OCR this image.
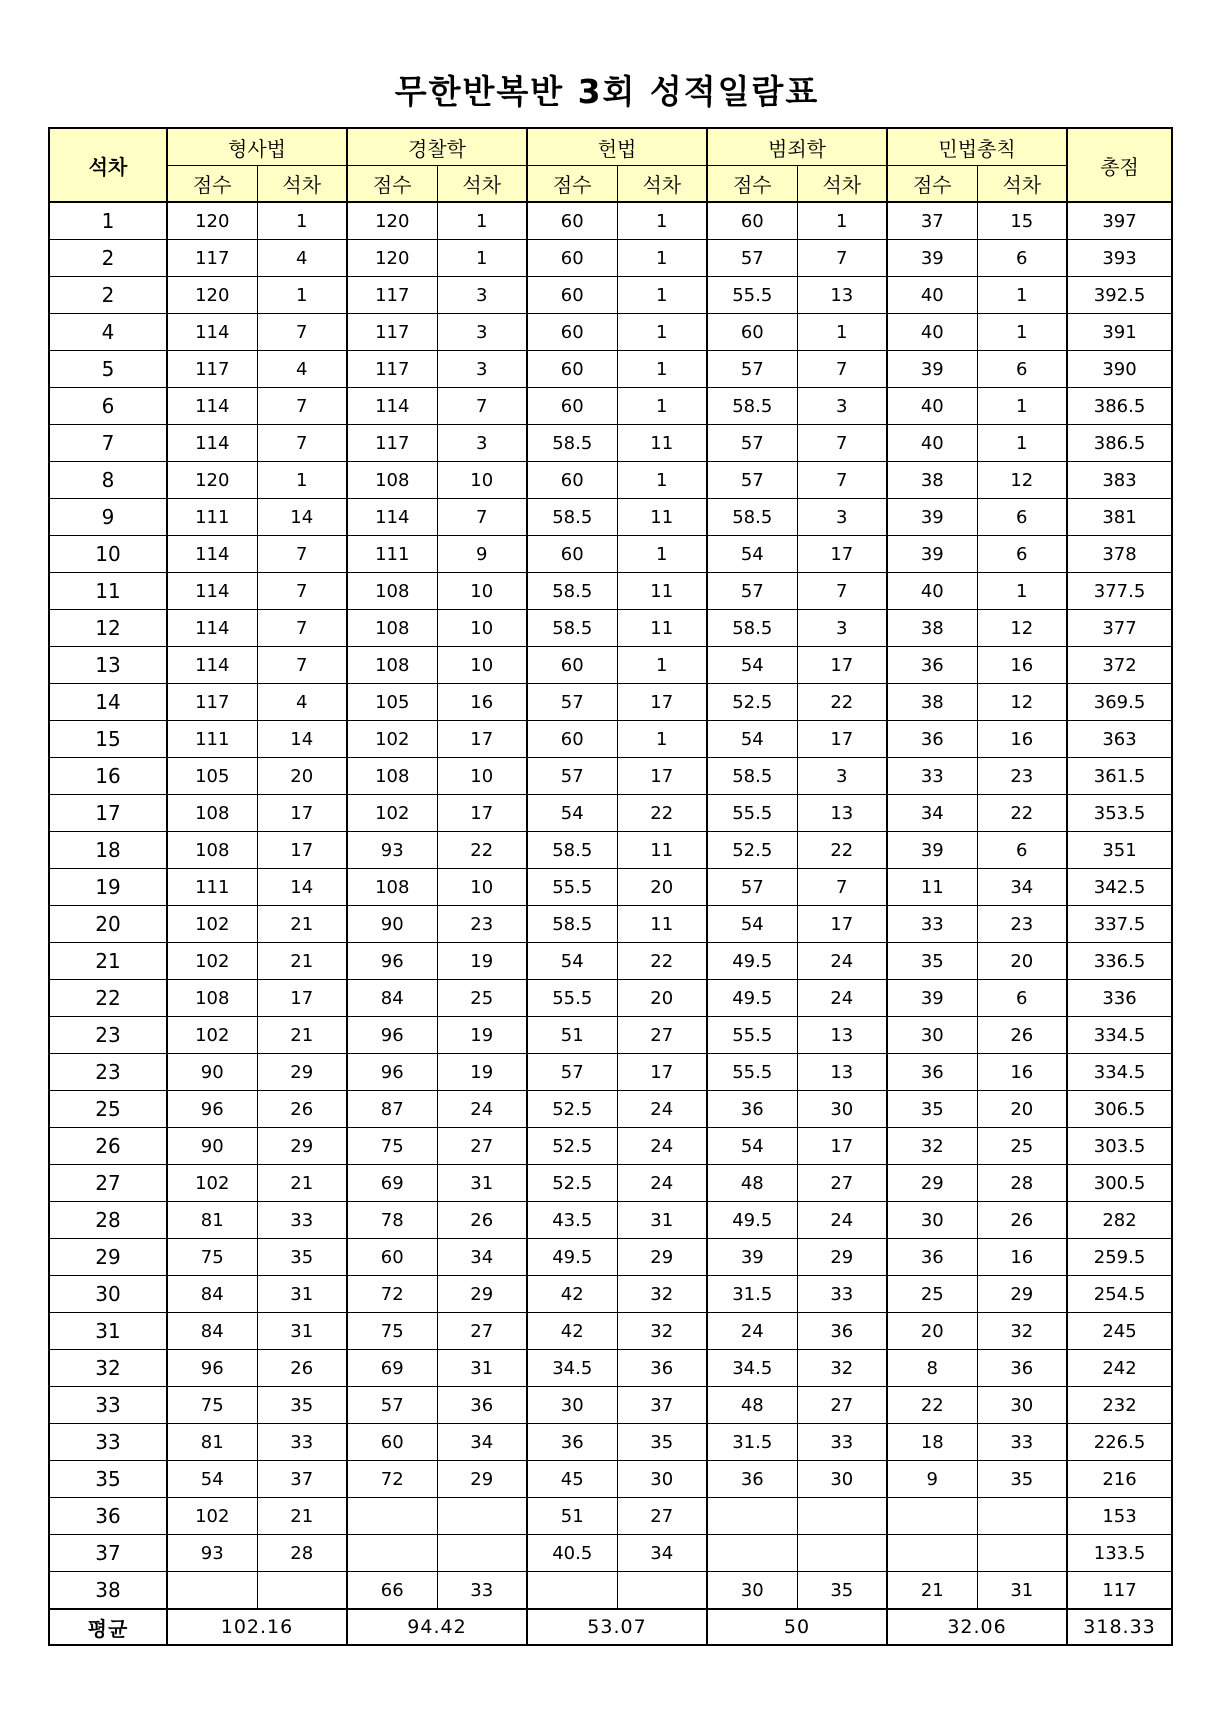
무한반복반 3회 성적일람표
석차	형사법		경찰학		헌법		범죄학		민법총칙		총점
	점수	석차	점수	석차	점수	석차	점수	석차	점수	석차	
1	120	1	120	1	60	1	60	1	37	15	397
2	117	4	120	1	60	1	57	7	39	6	393
2	120	1	117	3	60	1	55.5	13	40	1	392.5
4	114	7	117	3	60	1	60	1	40	1	391
5	117	4	117	3	60	1	57	7	39	6	390
6	114	7	114	7	60	1	58.5	3	40	1	386.5
7	114	7	117	3	58.5	11	57	7	40	1	386.5
8	120	1	108	10	60	1	57	7	38	12	383
9	111	14	114	7	58.5	11	58.5	3	39	6	381
10	114	7	111	9	60	1	54	17	39	6	378
11	114	7	108	10	58.5	11	57	7	40	1	377.5
12	114	7	108	10	58.5	11	58.5	3	38	12	377
13	114	7	108	10	60	1	54	17	36	16	372
14	117	4	105	16	57	17	52.5	22	38	12	369.5
15	111	14	102	17	60	1	54	17	36	16	363
16	105	20	108	10	57	17	58.5	3	33	23	361.5
17	108	17	102	17	54	22	55.5	13	34	22	353.5
18	108	17	93	22	58.5	11	52.5	22	39	6	351
19	111	14	108	10	55.5	20	57	7	11	34	342.5
20	102	21	90	23	58.5	11	54	17	33	23	337.5
21	102	21	96	19	54	22	49.5	24	35	20	336.5
22	108	17	84	25	55.5	20	49.5	24	39	6	336
23	102	21	96	19	51	27	55.5	13	30	26	334.5
23	90	29	96	19	57	17	55.5	13	36	16	334.5
25	96	26	87	24	52.5	24	36	30	35	20	306.5
26	90	29	75	27	52.5	24	54	17	32	25	303.5
27	102	21	69	31	52.5	24	48	27	29	28	300.5
28	81	33	78	26	43.5	31	49.5	24	30	26	282
29	75	35	60	34	49.5	29	39	29	36	16	259.5
30	84	31	72	29	42	32	31.5	33	25	29	254.5
31	84	31	75	27	42	32	24	36	20	32	245
32	96	26	69	31	34.5	36	34.5	32	8	36	242
33	75	35	57	36	30	37	48	27	22	30	232
33	81	33	60	34	36	35	31.5	33	18	33	226.5
35	54	37	72	29	45	30	36	30	9	35	216
36	102	21			51	27					153
37	93	28			40.5	34					133.5
38			66	33			30	35	21	31	117
평균	102.16		94.42		53.07		50		32.06		318.33
